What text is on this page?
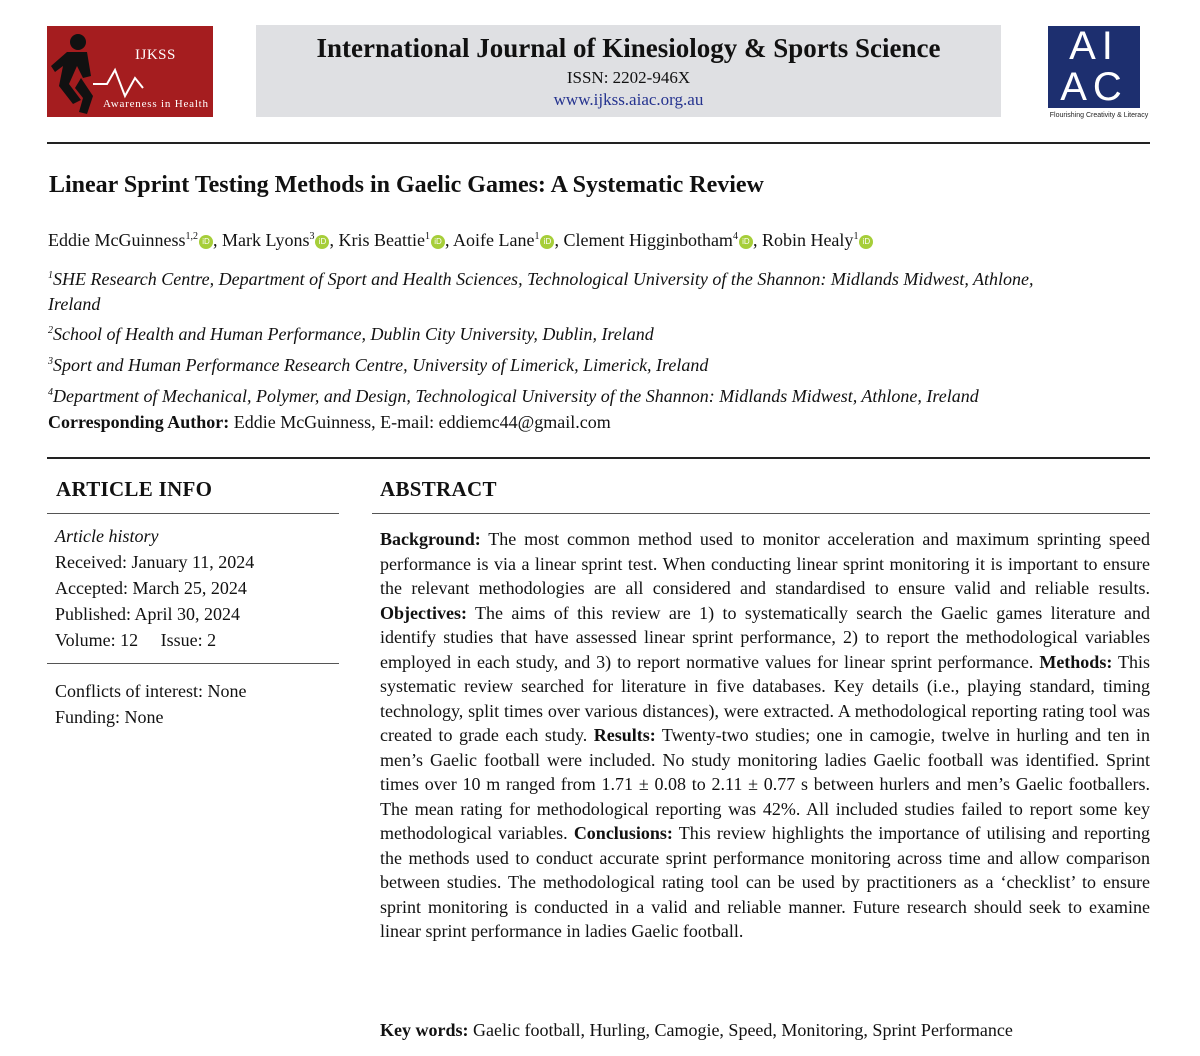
IJKSS
Awareness in Health
International Journal of Kinesiology & Sports Science
ISSN: 2202-946X
www.ijkss.aiac.org.au
AI
AC
Flourishing Creativity & Literacy
Linear Sprint Testing Methods in Gaelic Games: A Systematic Review
Eddie McGuinness$^{1,2}$ iD , Mark Lyons$^3$ iD , Kris Beattie$^1$ iD , Aoife Lane$^1$ iD , Clement Higginbotham$^4$ iD , Robin Healy$^1$ iD
$^1$SHE Research Centre, Department of Sport and Health Sciences, Technological University of the Shannon: Midlands Midwest, Athlone,
Ireland
$^2$School of Health and Human Performance, Dublin City University, Dublin, Ireland
$^3$Sport and Human Performance Research Centre, University of Limerick, Limerick, Ireland
$^4$Department of Mechanical, Polymer, and Design, Technological University of the Shannon: Midlands Midwest, Athlone, Ireland
Corresponding Author: Eddie McGuinness, E-mail: eddiemc44@gmail.com
ARTICLE INFO
Article history
Received: January 11, 2024
Accepted: March 25, 2024
Published: April 30, 2024
Volume: 12 Issue: 2
Conflicts of interest: None
Funding: None
ABSTRACT
Background: The most common method used to monitor acceleration and maximum sprinting speed performance is via a linear sprint test. When conducting linear sprint monitoring it is important to ensure the relevant methodologies are all considered and standardised to ensure valid and reliable results. Objectives: The aims of this review are 1) to systematically search the Gaelic games literature and identify studies that have assessed linear sprint performance, 2) to report the methodological variables employed in each study, and 3) to report normative values for linear sprint performance. Methods: This systematic review searched for literature in five databases. Key details (i.e., playing standard, timing technology, split times over various distances), were extracted. A methodological reporting rating tool was created to grade each study. Results: Twenty-two studies; one in camogie, twelve in hurling and ten in men’s Gaelic football were included. No study monitoring ladies Gaelic football was identified. Sprint times over 10 m ranged from 1.71 ± 0.08 to 2.11 ± 0.77 s between hurlers and men’s Gaelic footballers. The mean rating for methodological reporting was 42%. All included studies failed to report some key methodological variables. Conclusions: This review highlights the importance of utilising and reporting the methods used to conduct accurate sprint performance monitoring across time and allow comparison between studies. The methodological rating tool can be used by practitioners as a ‘checklist’ to ensure sprint monitoring is conducted in a valid and reliable manner. Future research should seek to examine linear sprint performance in ladies Gaelic football.
Key words: Gaelic football, Hurling, Camogie, Speed, Monitoring, Sprint Performance
